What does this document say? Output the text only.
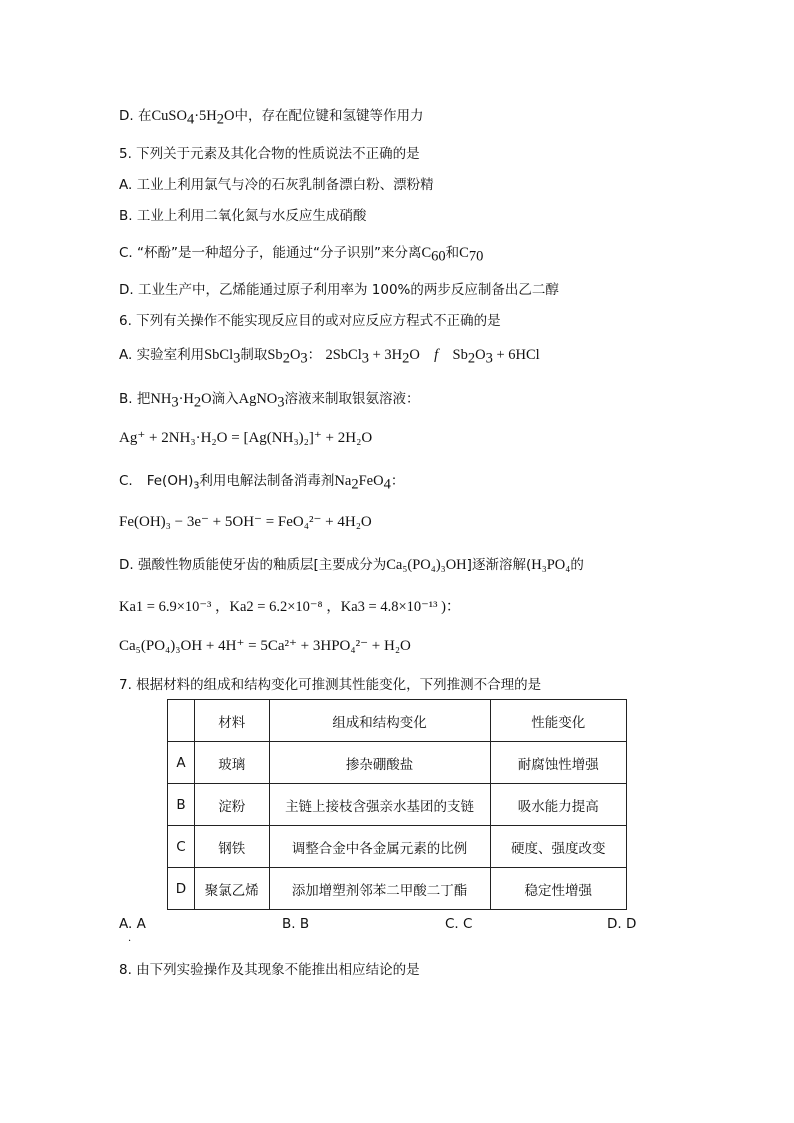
D. 在$CuSO_4\cdot 5H_2O$中，存在配位键和氢键等作用力
5. 下列关于元素及其化合物的性质说法不正确的是
A. 工业上利用氯气与冷的石灰乳制备漂白粉、漂粉精
B. 工业上利用二氧化氮与水反应生成硝酸
C. “杯酚”是一种超分子，能通过“分子识别”来分离$C_{60}$和$C_{70}$
D. 工业生产中，乙烯能通过原子利用率为 100%的两步反应制备出乙二醇
6. 下列有关操作不能实现反应目的或对应反应方程式不正确的是
A. 实验室利用SbCl$_3$制取$Sb_2O_3$： 2SbCl$_3$ + $3H_2O$ f $Sb_2O_3 + 6HCl$
B. 把$NH_3\cdot H_2O$滴入AgNO$_3$溶液来制取银氨溶液：
Ag⁺ + 2NH₃·H₂O = [Ag(NH₃)₂]⁺ + 2H₂O
C. $Fe(OH)_3$利用电解法制备消毒剂$Na_2FeO_4$：
Fe(OH)₃ − 3e⁻ + 5OH⁻ = FeO₄²⁻ + 4H₂O
D. 强酸性物质能使牙齿的釉质层[主要成分为Ca₅(PO₄)₃OH]逐渐溶解(H₃PO₄的
Ka1 = 6.9×10⁻³ ，Ka2 = 6.2×10⁻⁸ ，Ka3 = 4.8×10⁻¹³ )：
Ca₅(PO₄)₃OH + 4H⁺ = 5Ca²⁺ + 3HPO₄²⁻ + H₂O
7. 根据材料的组成和结构变化可推测其性能变化，下列推测不合理的是
	材料	组成和结构变化	性能变化
A	玻璃	掺杂硼酸盐	耐腐蚀性增强
B	淀粉	主链上接枝含强亲水基团的支链	吸水能力提高
C	钢铁	调整合金中各金属元素的比例	硬度、强度改变
D	聚氯乙烯	添加增塑剂邻苯二甲酸二丁酯	稳定性增强
A. A	B. B	C. C	D. D
·
8. 由下列实验操作及其现象不能推出相应结论的是
